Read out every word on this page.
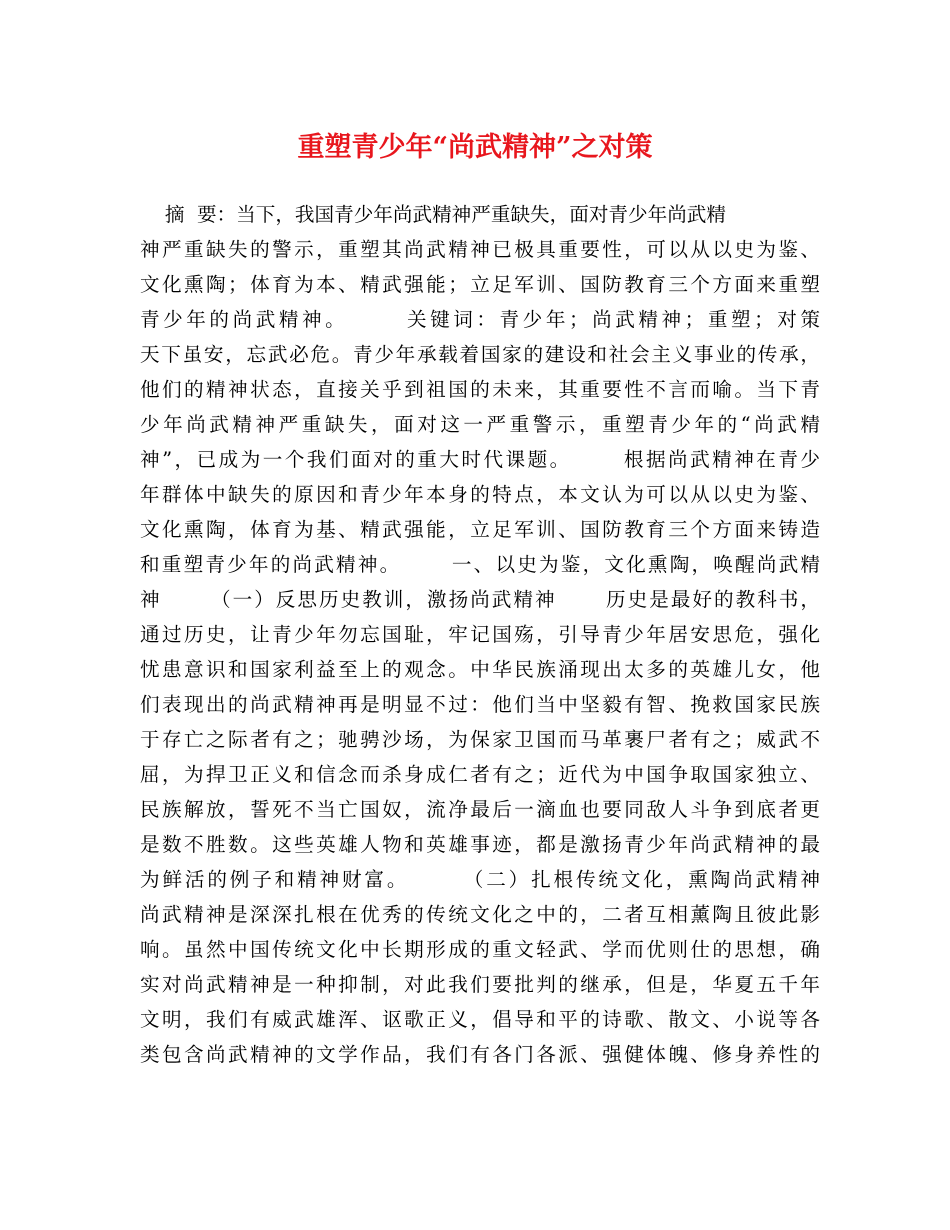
重塑青少年“尚武精神”之对策
摘  要：当下，我国青少年尚武精神严重缺失，面对青少年尚武精
神严重缺失的警示，重塑其尚武精神已极具重要性，可以从以史为鉴、
文化熏陶；体育为本、精武强能；立足军训、国防教育三个方面来重塑
青少年的尚武精神。      关键词：青少年；尚武精神；重塑；对策
天下虽安，忘武必危。青少年承载着国家的建设和社会主义事业的传承，
他们的精神状态，直接关乎到祖国的未来，其重要性不言而喻。当下青
少年尚武精神严重缺失，面对这一严重警示，重塑青少年的“尚武精
神”，已成为一个我们面对的重大时代课题。      根据尚武精神在青少
年群体中缺失的原因和青少年本身的特点，本文认为可以从以史为鉴、
文化熏陶，体育为基、精武强能，立足军训、国防教育三个方面来铸造
和重塑青少年的尚武精神。      一、以史为鉴，文化熏陶，唤醒尚武精
神      （一）反思历史教训，激扬尚武精神      历史是最好的教科书，
通过历史，让青少年勿忘国耻，牢记国殇，引导青少年居安思危，强化
忧患意识和国家利益至上的观念。中华民族涌现出太多的英雄儿女，他
们表现出的尚武精神再是明显不过：他们当中坚毅有智、挽救国家民族
于存亡之际者有之；驰骋沙场，为保家卫国而马革裹尸者有之；威武不
屈，为捍卫正义和信念而杀身成仁者有之；近代为中国争取国家独立、
民族解放，誓死不当亡国奴，流净最后一滴血也要同敌人斗争到底者更
是数不胜数。这些英雄人物和英雄事迹，都是激扬青少年尚武精神的最
为鲜活的例子和精神财富。      （二）扎根传统文化，熏陶尚武精神
尚武精神是深深扎根在优秀的传统文化之中的，二者互相薰陶且彼此影
响。虽然中国传统文化中长期形成的重文轻武、学而优则仕的思想，确
实对尚武精神是一种抑制，对此我们要批判的继承，但是，华夏五千年
文明，我们有威武雄浑、讴歌正义，倡导和平的诗歌、散文、小说等各
类包含尚武精神的文学作品，我们有各门各派、强健体魄、修身养性的
